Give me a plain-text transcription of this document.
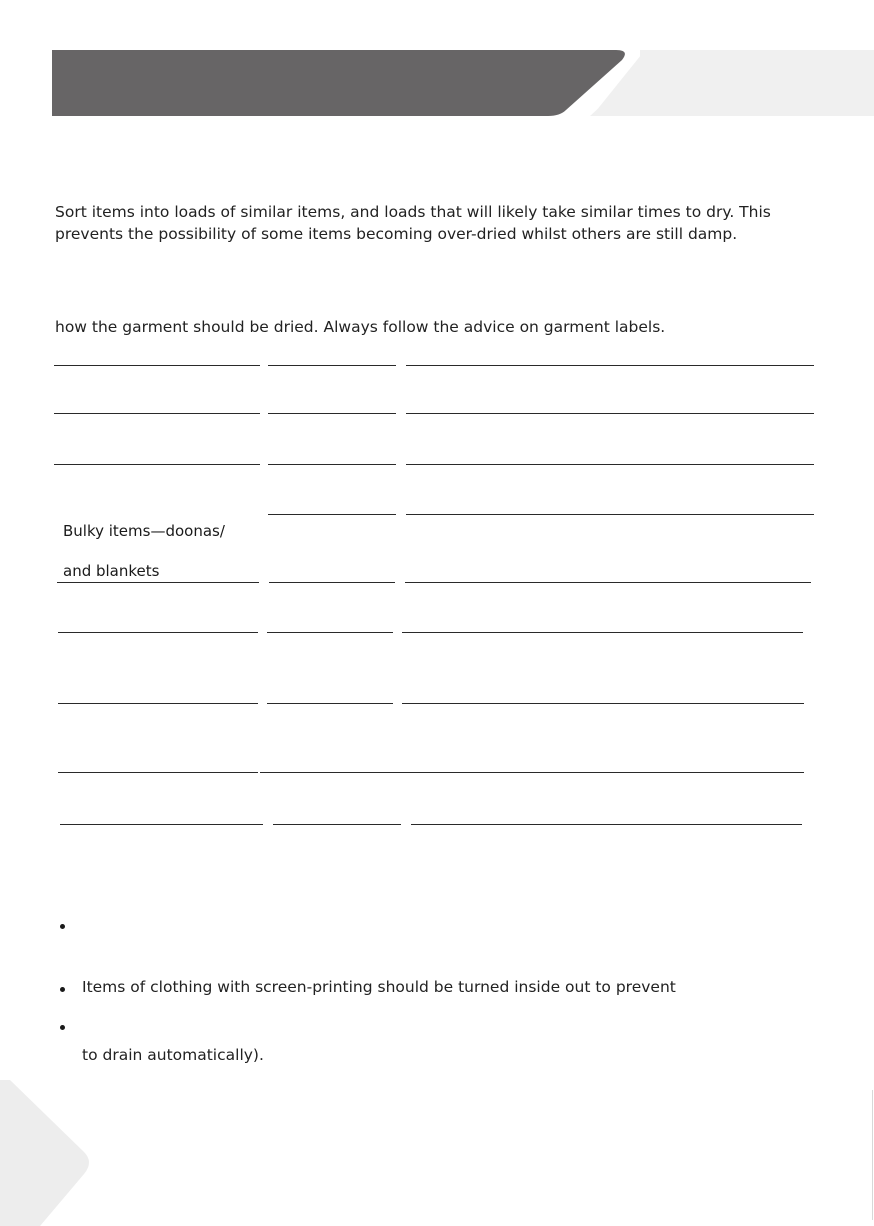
Sort items into loads of similar items, and loads that will likely take similar times to dry. This
prevents the possibility of some items becoming over-dried whilst others are still damp.
how the garment should be dried. Always follow the advice on garment labels.
Bulky items—doonas/
and blankets
Items of clothing with screen-printing should be turned inside out to prevent
to drain automatically).
